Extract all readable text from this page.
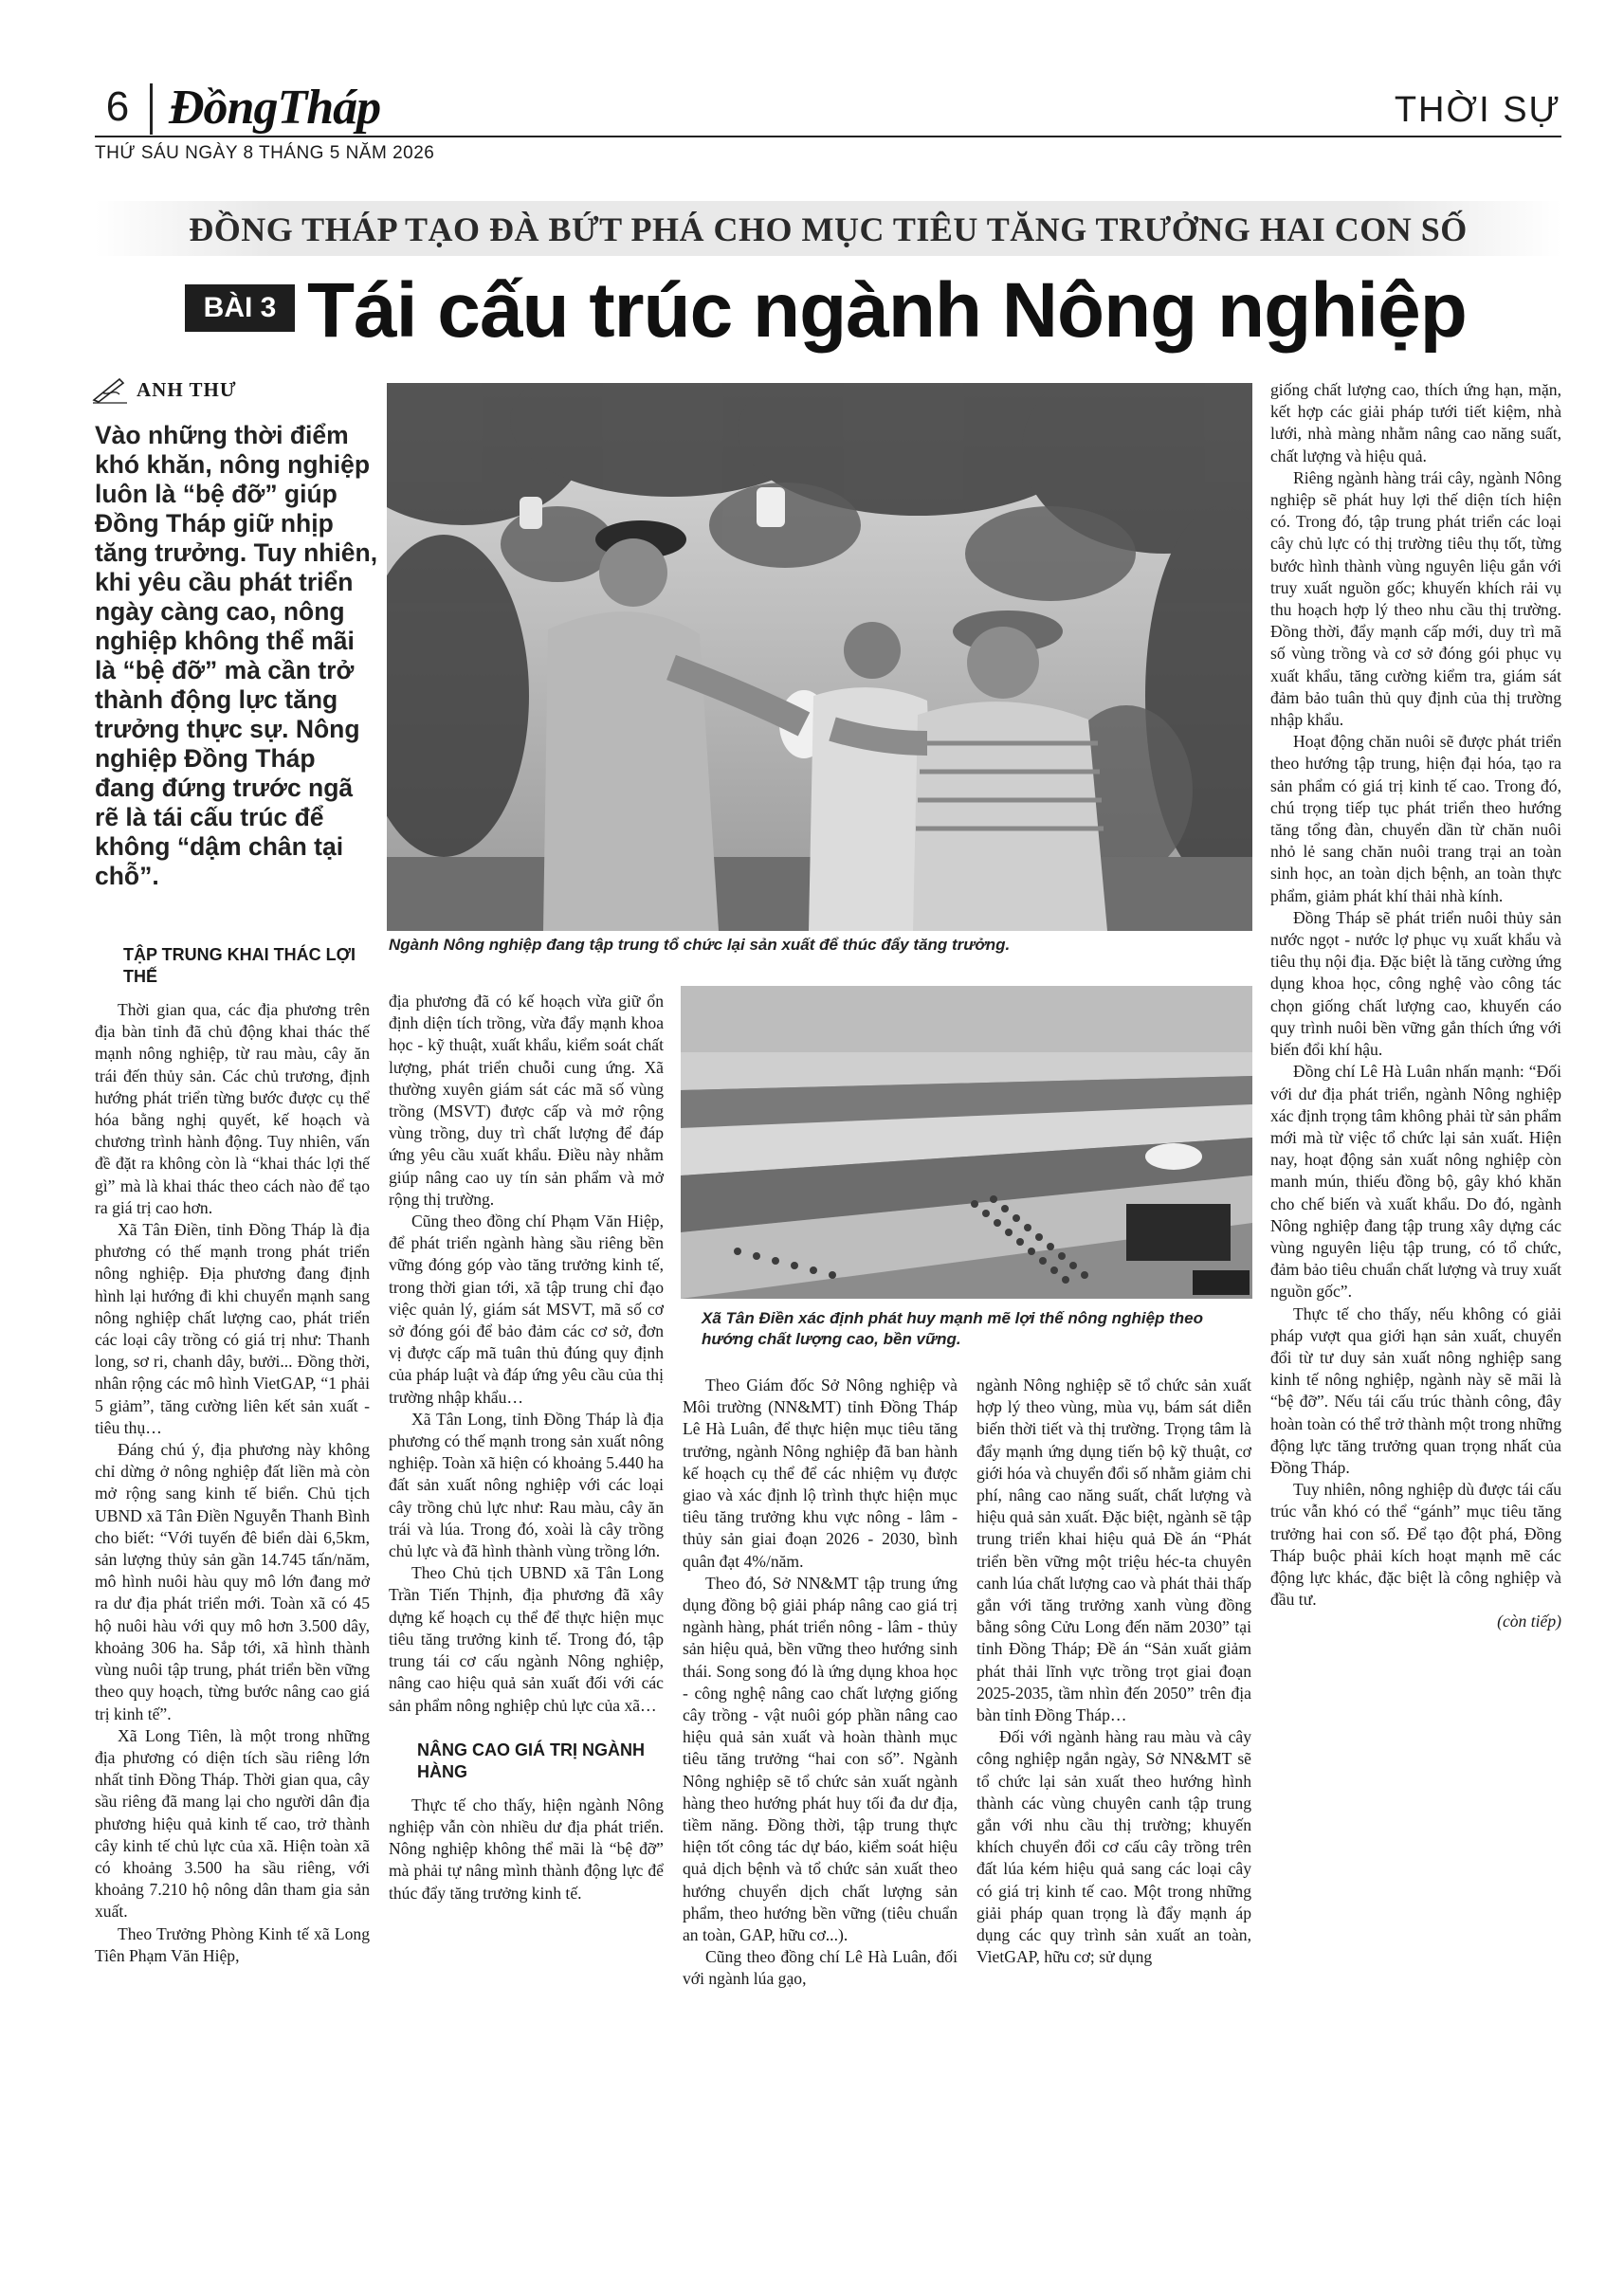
6 ĐồngTháp	THỜI SỰ
THỨ SÁU NGÀY 8 THÁNG 5 NĂM 2026
ĐỒNG THÁP TẠO ĐÀ BỨT PHÁ CHO MỤC TIÊU TĂNG TRƯỞNG HAI CON SỐ
BÀI 3 Tái cấu trúc ngành Nông nghiệp
ANH THƯ
Vào những thời điểm khó khăn, nông nghiệp luôn là “bệ đỡ” giúp Đồng Tháp giữ nhịp tăng trưởng. Tuy nhiên, khi yêu cầu phát triển ngày càng cao, nông nghiệp không thể mãi là “bệ đỡ” mà cần trở thành động lực tăng trưởng thực sự. Nông nghiệp Đồng Tháp đang đứng trước ngã rẽ là tái cấu trúc để không “dậm chân tại chỗ”.
Ngành Nông nghiệp đang tập trung tổ chức lại sản xuất để thúc đẩy tăng trưởng.
TẬP TRUNG KHAI THÁC LỢI THẾ

Thời gian qua, các địa phương trên địa bàn tỉnh đã chủ động khai thác thế mạnh nông nghiệp, từ rau màu, cây ăn trái đến thủy sản. Các chủ trương, định hướng phát triển từng bước được cụ thể hóa bằng nghị quyết, kế hoạch và chương trình hành động. Tuy nhiên, vấn đề đặt ra không còn là “khai thác lợi thế gì” mà là khai thác theo cách nào để tạo ra giá trị cao hơn.

Xã Tân Điền, tỉnh Đồng Tháp là địa phương có thế mạnh trong phát triển nông nghiệp. Địa phương đang định hình lại hướng đi khi chuyển mạnh sang nông nghiệp chất lượng cao, phát triển các loại cây trồng có giá trị như: Thanh long, sơ ri, chanh dây, bưởi... Đồng thời, nhân rộng các mô hình VietGAP, “1 phải 5 giảm”, tăng cường liên kết sản xuất - tiêu thụ…

Đáng chú ý, địa phương này không chỉ dừng ở nông nghiệp đất liền mà còn mở rộng sang kinh tế biển. Chủ tịch UBND xã Tân Điền Nguyễn Thanh Bình cho biết: “Với tuyến đê biển dài 6,5km, sản lượng thủy sản gần 14.745 tấn/năm, mô hình nuôi hàu quy mô lớn đang mở ra dư địa phát triển mới. Toàn xã có 45 hộ nuôi hàu với quy mô hơn 3.500 dây, khoảng 306 ha. Sắp tới, xã hình thành vùng nuôi tập trung, phát triển bền vững theo quy hoạch, từng bước nâng cao giá trị kinh tế”.

Xã Long Tiên, là một trong những địa phương có diện tích sầu riêng lớn nhất tỉnh Đồng Tháp. Thời gian qua, cây sầu riêng đã mang lại cho người dân địa phương hiệu quả kinh tế cao, trở thành cây kinh tế chủ lực của xã. Hiện toàn xã có khoảng 3.500 ha sầu riêng, với khoảng 7.210 hộ nông dân tham gia sản xuất.

Theo Trưởng Phòng Kinh tế xã Long Tiên Phạm Văn Hiệp,

địa phương đã có kế hoạch vừa giữ ổn định diện tích trồng, vừa đẩy mạnh khoa học - kỹ thuật, xuất khẩu, kiểm soát chất lượng, phát triển chuỗi cung ứng. Xã thường xuyên giám sát các mã số vùng trồng (MSVT) được cấp và mở rộng vùng trồng, duy trì chất lượng để đáp ứng yêu cầu xuất khẩu. Điều này nhằm giúp nâng cao uy tín sản phẩm và mở rộng thị trường.

Cũng theo đồng chí Phạm Văn Hiệp, để phát triển ngành hàng sầu riêng bền vững đóng góp vào tăng trưởng kinh tế, trong thời gian tới, xã tập trung chỉ đạo việc quản lý, giám sát MSVT, mã số cơ sở đóng gói để bảo đảm các cơ sở, đơn vị được cấp mã tuân thủ đúng quy định của pháp luật và đáp ứng yêu cầu của thị trường nhập khẩu…

Xã Tân Long, tỉnh Đồng Tháp là địa phương có thế mạnh trong sản xuất nông nghiệp. Toàn xã hiện có khoảng 5.440 ha đất sản xuất nông nghiệp với các loại cây trồng chủ lực như: Rau màu, cây ăn trái và lúa. Trong đó, xoài là cây trồng chủ lực và đã hình thành vùng trồng lớn.

Theo Chủ tịch UBND xã Tân Long Trần Tiến Thịnh, địa phương đã xây dựng kế hoạch cụ thể để thực hiện mục tiêu tăng trưởng kinh tế. Trong đó, tập trung tái cơ cấu ngành Nông nghiệp, nâng cao hiệu quả sản xuất đối với các sản phẩm nông nghiệp chủ lực của xã…

NÂNG CAO GIÁ TRỊ NGÀNH HÀNG

Thực tế cho thấy, hiện ngành Nông nghiệp vẫn còn nhiều dư địa phát triển. Nông nghiệp không thể mãi là “bệ đỡ” mà phải tự nâng mình thành động lực để thúc đẩy tăng trưởng kinh tế.

Xã Tân Điền xác định phát huy mạnh mẽ lợi thế nông nghiệp theo hướng chất lượng cao, bền vững.

Theo Giám đốc Sở Nông nghiệp và Môi trường (NN&MT) tỉnh Đồng Tháp Lê Hà Luân, để thực hiện mục tiêu tăng trưởng, ngành Nông nghiệp đã ban hành kế hoạch cụ thể để các nhiệm vụ được giao và xác định lộ trình thực hiện mục tiêu tăng trưởng khu vực nông - lâm - thủy sản giai đoạn 2026 - 2030, bình quân đạt 4%/năm.

Theo đó, Sở NN&MT tập trung ứng dụng đồng bộ giải pháp nâng cao giá trị ngành hàng, phát triển nông - lâm - thủy sản hiệu quả, bền vững theo hướng sinh thái. Song song đó là ứng dụng khoa học - công nghệ nâng cao chất lượng giống cây trồng - vật nuôi góp phần nâng cao hiệu quả sản xuất và hoàn thành mục tiêu tăng trưởng “hai con số”. Ngành Nông nghiệp sẽ tổ chức sản xuất ngành hàng theo hướng phát huy tối đa dư địa, tiềm năng. Đồng thời, tập trung thực hiện tốt công tác dự báo, kiểm soát hiệu quả dịch bệnh và tổ chức sản xuất theo hướng chuyển dịch chất lượng sản phẩm, theo hướng bền vững (tiêu chuẩn an toàn, GAP, hữu cơ...).

Cũng theo đồng chí Lê Hà Luân, đối với ngành lúa gạo,

ngành Nông nghiệp sẽ tổ chức sản xuất hợp lý theo vùng, mùa vụ, bám sát diễn biến thời tiết và thị trường. Trọng tâm là đẩy mạnh ứng dụng tiến bộ kỹ thuật, cơ giới hóa và chuyển đổi số nhằm giảm chi phí, nâng cao năng suất, chất lượng và hiệu quả sản xuất. Đặc biệt, ngành sẽ tập trung triển khai hiệu quả Đề án “Phát triển bền vững một triệu héc-ta chuyên canh lúa chất lượng cao và phát thải thấp gắn với tăng trưởng xanh vùng đồng bằng sông Cửu Long đến năm 2030” tại tỉnh Đồng Tháp; Đề án “Sản xuất giảm phát thải lĩnh vực trồng trọt giai đoạn 2025-2035, tầm nhìn đến 2050” trên địa bàn tỉnh Đồng Tháp…

Đối với ngành hàng rau màu và cây công nghiệp ngắn ngày, Sở NN&MT sẽ tổ chức lại sản xuất theo hướng hình thành các vùng chuyên canh tập trung gắn với nhu cầu thị trường; khuyến khích chuyển đổi cơ cấu cây trồng trên đất lúa kém hiệu quả sang các loại cây có giá trị kinh tế cao. Một trong những giải pháp quan trọng là đẩy mạnh áp dụng các quy trình sản xuất an toàn, VietGAP, hữu cơ; sử dụng

giống chất lượng cao, thích ứng hạn, mặn, kết hợp các giải pháp tưới tiết kiệm, nhà lưới, nhà màng nhằm nâng cao năng suất, chất lượng và hiệu quả.

Riêng ngành hàng trái cây, ngành Nông nghiệp sẽ phát huy lợi thế diện tích hiện có. Trong đó, tập trung phát triển các loại cây chủ lực có thị trường tiêu thụ tốt, từng bước hình thành vùng nguyên liệu gắn với truy xuất nguồn gốc; khuyến khích rải vụ thu hoạch hợp lý theo nhu cầu thị trường. Đồng thời, đẩy mạnh cấp mới, duy trì mã số vùng trồng và cơ sở đóng gói phục vụ xuất khẩu, tăng cường kiểm tra, giám sát đảm bảo tuân thủ quy định của thị trường nhập khẩu.

Hoạt động chăn nuôi sẽ được phát triển theo hướng tập trung, hiện đại hóa, tạo ra sản phẩm có giá trị kinh tế cao. Trong đó, chú trọng tiếp tục phát triển theo hướng tăng tổng đàn, chuyển dần từ chăn nuôi nhỏ lẻ sang chăn nuôi trang trại an toàn sinh học, an toàn dịch bệnh, an toàn thực phẩm, giảm phát khí thải nhà kính.

Đồng Tháp sẽ phát triển nuôi thủy sản nước ngọt - nước lợ phục vụ xuất khẩu và tiêu thụ nội địa. Đặc biệt là tăng cường ứng dụng khoa học, công nghệ vào công tác chọn giống chất lượng cao, khuyến cáo quy trình nuôi bền vững gắn thích ứng với biến đổi khí hậu.

Đồng chí Lê Hà Luân nhấn mạnh: “Đối với dư địa phát triển, ngành Nông nghiệp xác định trọng tâm không phải từ sản phẩm mới mà từ việc tổ chức lại sản xuất. Hiện nay, hoạt động sản xuất nông nghiệp còn manh mún, thiếu đồng bộ, gây khó khăn cho chế biến và xuất khẩu. Do đó, ngành Nông nghiệp đang tập trung xây dựng các vùng nguyên liệu tập trung, có tổ chức, đảm bảo tiêu chuẩn chất lượng và truy xuất nguồn gốc”.

Thực tế cho thấy, nếu không có giải pháp vượt qua giới hạn sản xuất, chuyển đổi từ tư duy sản xuất nông nghiệp sang kinh tế nông nghiệp, ngành này sẽ mãi là “bệ đỡ”. Nếu tái cấu trúc thành công, đây hoàn toàn có thể trở thành một trong những động lực tăng trưởng quan trọng nhất của Đồng Tháp.

Tuy nhiên, nông nghiệp dù được tái cấu trúc vẫn khó có thể “gánh” mục tiêu tăng trưởng hai con số. Để tạo đột phá, Đồng Tháp buộc phải kích hoạt mạnh mẽ các động lực khác, đặc biệt là công nghiệp và đầu tư.

(còn tiếp)
